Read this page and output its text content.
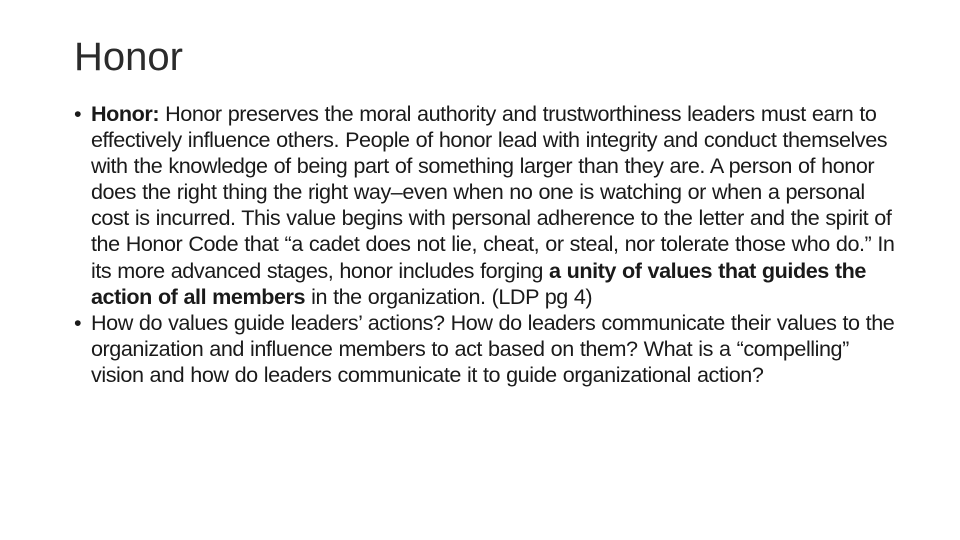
Honor
• Honor: Honor preserves the moral authority and trustworthiness leaders must earn to effectively influence others. People of honor lead with integrity and conduct themselves with the knowledge of being part of something larger than they are. A person of honor does the right thing the right way–even when no one is watching or when a personal cost is incurred. This value begins with personal adherence to the letter and the spirit of the Honor Code that “a cadet does not lie, cheat, or steal, nor tolerate those who do.” In its more advanced stages, honor includes forging a unity of values that guides the action of all members in the organization. (LDP pg 4)
• How do values guide leaders’ actions? How do leaders communicate their values to the organization and influence members to act based on them? What is a “compelling” vision and how do leaders communicate it to guide organizational action?
